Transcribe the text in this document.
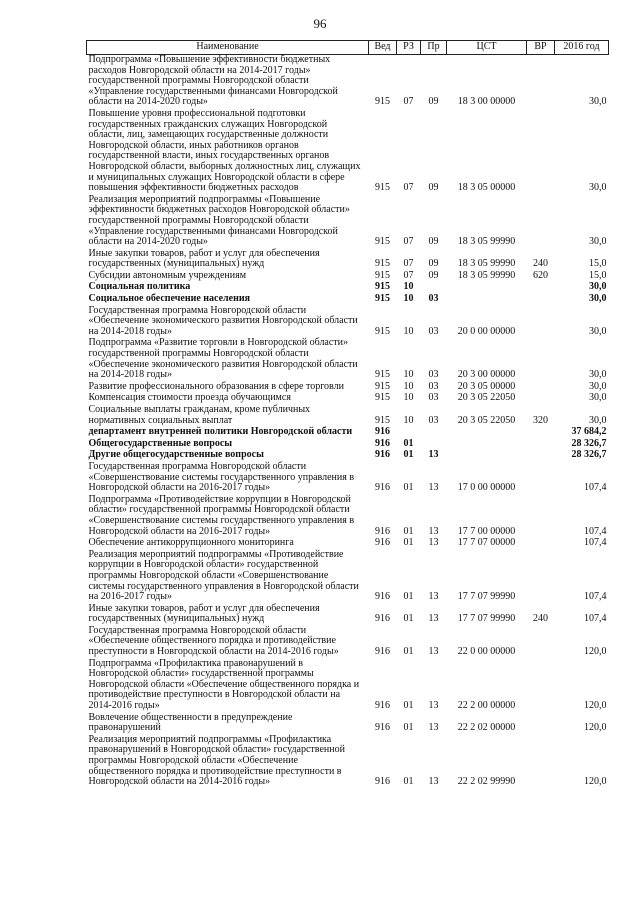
96
Наименование	Вед	РЗ	Пр	ЦСТ	ВР	2016 год
Подпрограмма «Повышение эффективности бюджетных расходов Новгородской области на 2014-2017 годы» государственной программы Новгородской области «Управление государственными финансами Новгородской области на 2014-2020 годы»	915	07	09	18 3 00 00000		30,0
Повышение уровня профессиональной подготовки государственных гражданских служащих Новгородской области, лиц, замещающих государственные должности Новгородской области, иных работников органов государственной власти, иных государственных органов Новгородской области, выборных должностных лиц, служащих и муниципальных служащих Новгородской области в сфере повышения эффективности бюджетных расходов	915	07	09	18 3 05 00000		30,0
Реализация мероприятий подпрограммы «Повышение эффективности бюджетных расходов Новгородской области» государственной программы Новгородской области «Управление государственными финансами Новгородской области на 2014-2020 годы»	915	07	09	18 3 05 99990		30,0
Иные закупки товаров, работ и услуг для обеспечения государственных (муниципальных) нужд	915	07	09	18 3 05 99990	240	15,0
Субсидии автономным учреждениям	915	07	09	18 3 05 99990	620	15,0
Социальная политика	915	10				30,0
Социальное обеспечение населения	915	10	03			30,0
Государственная программа Новгородской области «Обеспечение экономического развития Новгородской области на 2014-2018 годы»	915	10	03	20 0 00 00000		30,0
Подпрограмма «Развитие торговли в Новгородской области» государственной программы Новгородской области «Обеспечение экономического развития Новгородской области на 2014-2018 годы»	915	10	03	20 3 00 00000		30,0
Развитие профессионального образования в сфере торговли	915	10	03	20 3 05 00000		30,0
Компенсация стоимости проезда обучающимся	915	10	03	20 3 05 22050		30,0
Социальные выплаты гражданам, кроме публичных нормативных социальных выплат	915	10	03	20 3 05 22050	320	30,0
департамент внутренней политики Новгородской области	916					37 684,2
Общегосударственные вопросы	916	01				28 326,7
Другие общегосударственные вопросы	916	01	13			28 326,7
Государственная программа Новгородской области «Совершенствование системы государственного управления в Новгородской области на 2016-2017 годы»	916	01	13	17 0 00 00000		107,4
Подпрограмма «Противодействие коррупции в Новгородской области» государственной программы Новгородской области «Совершенствование системы государственного управления в Новгородской области на 2016-2017 годы»	916	01	13	17 7 00 00000		107,4
Обеспечение антикоррупционного мониторинга	916	01	13	17 7 07 00000		107,4
Реализация мероприятий подпрограммы «Противодействие коррупции в Новгородской области» государственной программы Новгородской области «Совершенствование системы государственного управления в Новгородской области на 2016-2017 годы»	916	01	13	17 7 07 99990		107,4
Иные закупки товаров, работ и услуг для обеспечения государственных (муниципальных) нужд	916	01	13	17 7 07 99990	240	107,4
Государственная программа Новгородской области «Обеспечение общественного порядка и противодействие преступности в Новгородской области на 2014-2016 годы»	916	01	13	22 0 00 00000		120,0
Подпрограмма «Профилактика правонарушений в Новгородской области» государственной программы Новгородской области «Обеспечение общественного порядка и противодействие преступности в Новгородской области на 2014-2016 годы»	916	01	13	22 2 00 00000		120,0
Вовлечение общественности в предупреждение правонарушений	916	01	13	22 2 02 00000		120,0
Реализация мероприятий подпрограммы «Профилактика правонарушений в Новгородской области» государственной программы Новгородской области «Обеспечение общественного порядка и противодействие преступности в Новгородской области на 2014-2016 годы»	916	01	13	22 2 02 99990		120,0
